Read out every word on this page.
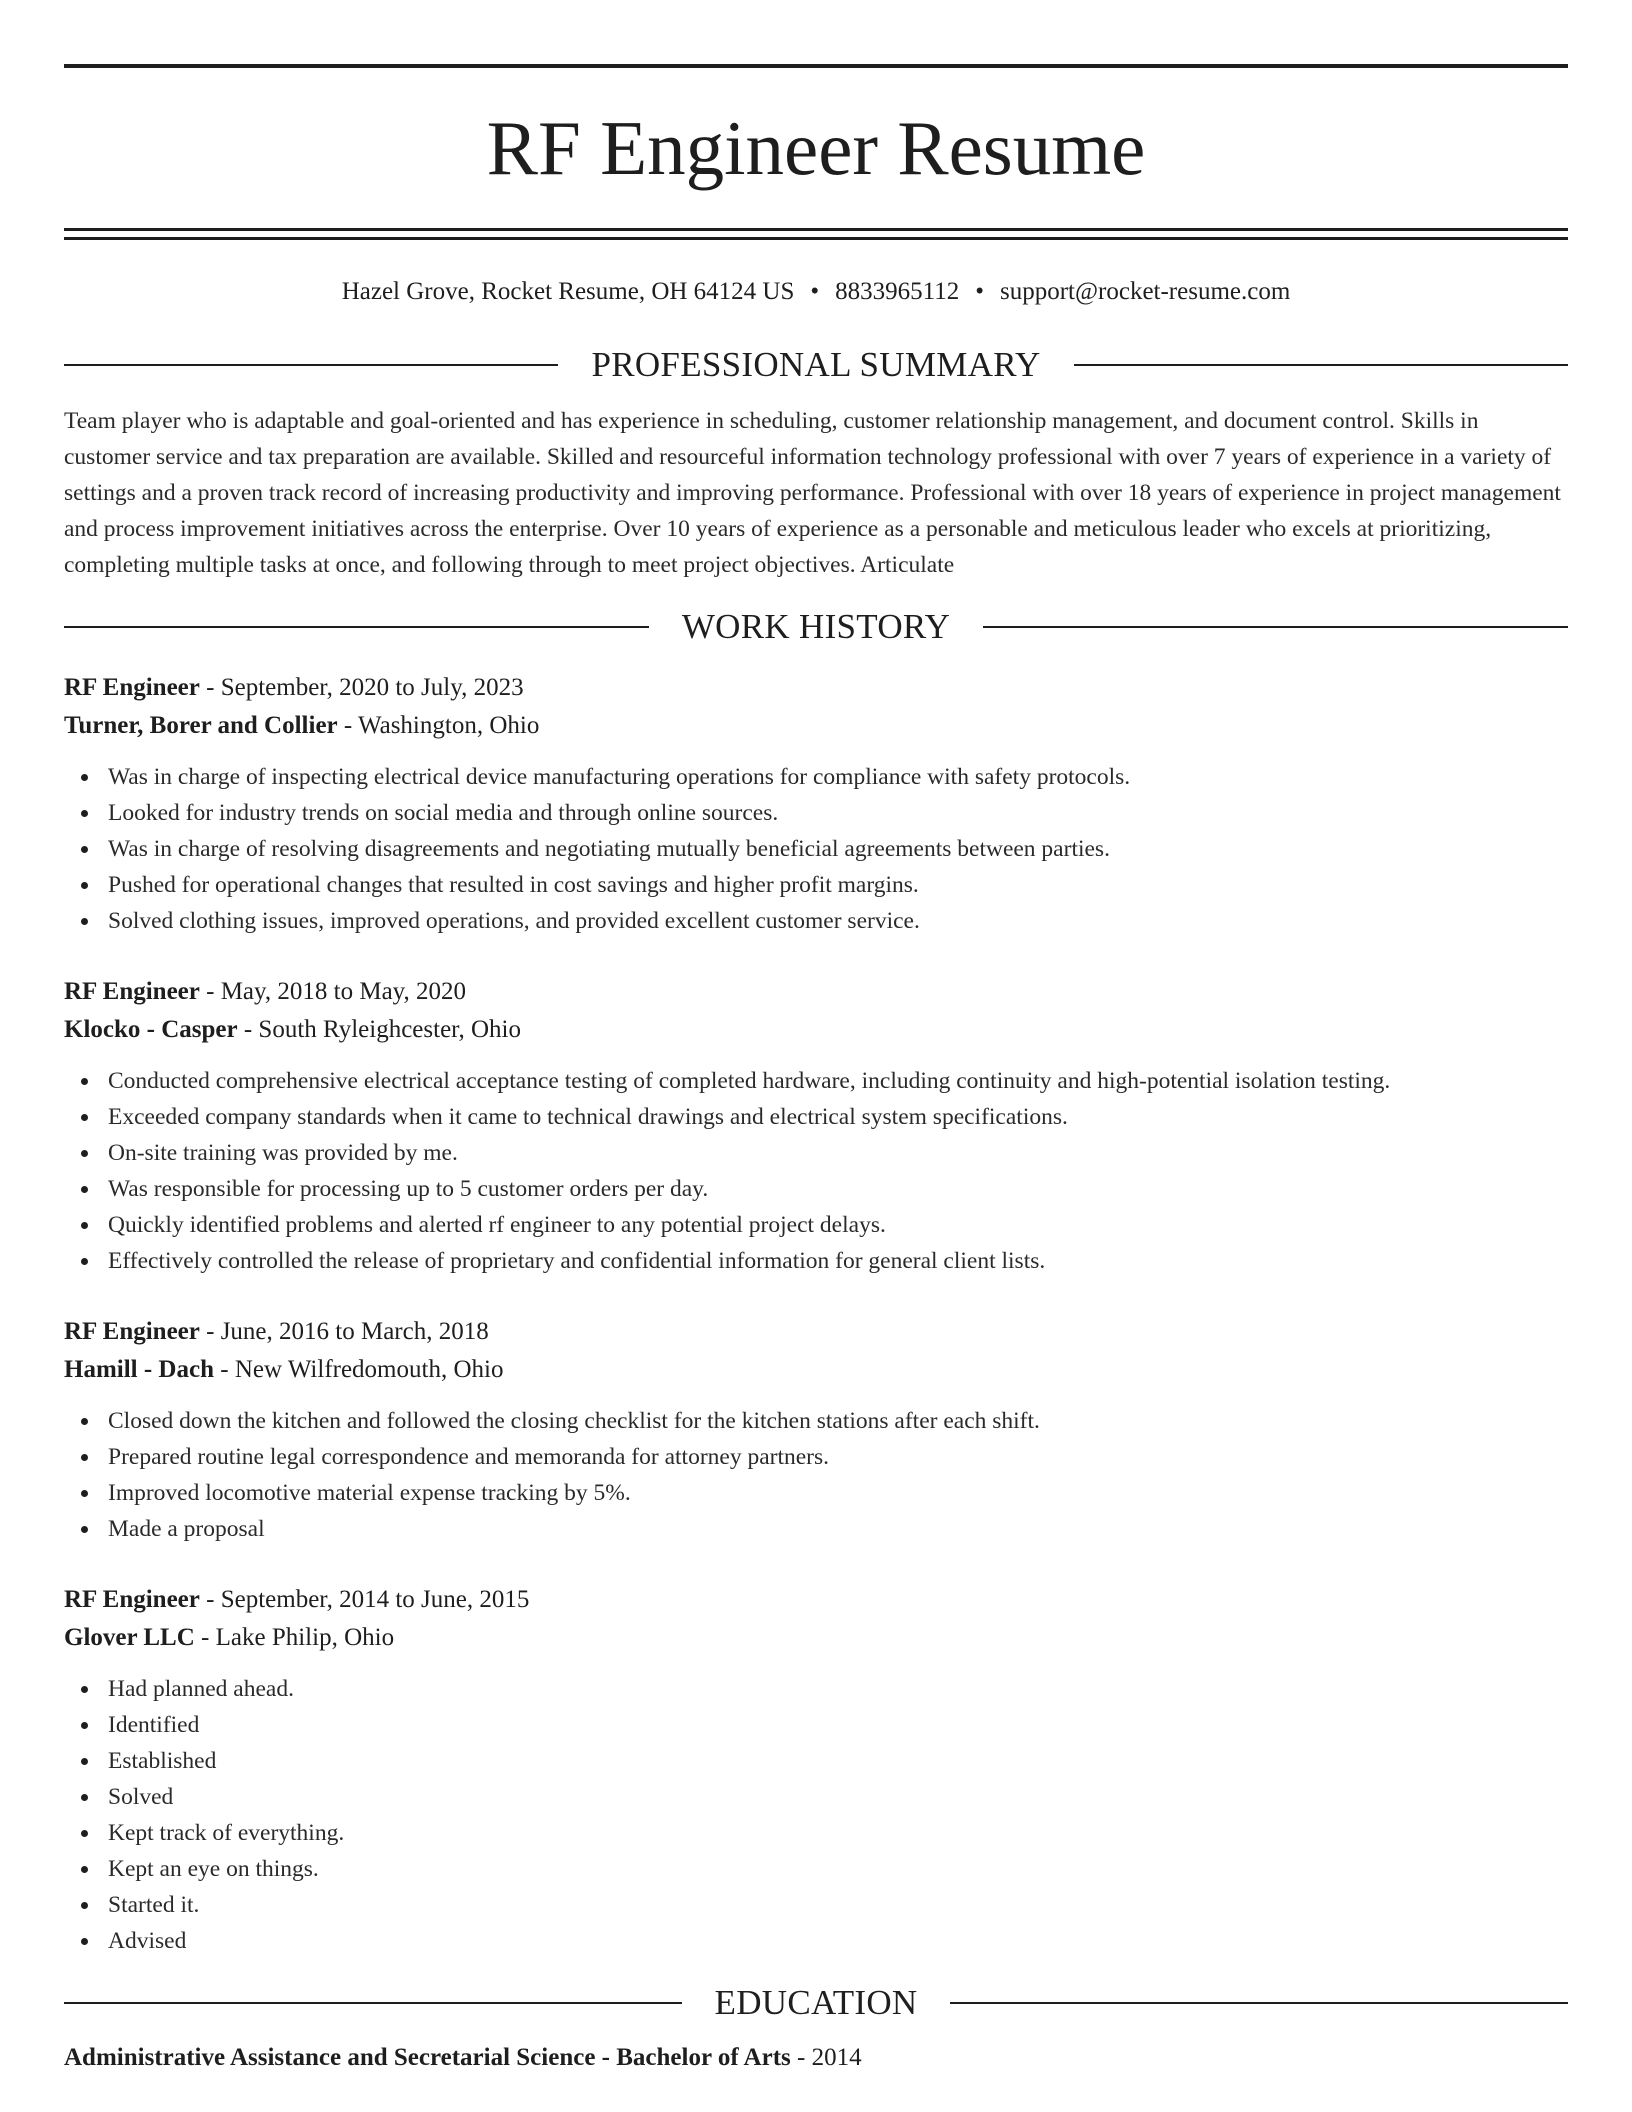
RF Engineer Resume
Hazel Grove, Rocket Resume, OH 64124 US • 8833965112 • support@rocket-resume.com
PROFESSIONAL SUMMARY

Team player who is adaptable and goal-oriented and has experience in scheduling, customer relationship management, and document control. Skills in customer service and tax preparation are available. Skilled and resourceful information technology professional with over 7 years of experience in a variety of settings and a proven track record of increasing productivity and improving performance. Professional with over 18 years of experience in project management and process improvement initiatives across the enterprise. Over 10 years of experience as a personable and meticulous leader who excels at prioritizing, completing multiple tasks at once, and following through to meet project objectives. Articulate

WORK HISTORY
RF Engineer - September, 2020 to July, 2023
Turner, Borer and Collier - Washington, Ohio
Was in charge of inspecting electrical device manufacturing operations for compliance with safety protocols.
Looked for industry trends on social media and through online sources.
Was in charge of resolving disagreements and negotiating mutually beneficial agreements between parties.
Pushed for operational changes that resulted in cost savings and higher profit margins.
Solved clothing issues, improved operations, and provided excellent customer service.
RF Engineer - May, 2018 to May, 2020
Klocko - Casper - South Ryleighcester, Ohio
Conducted comprehensive electrical acceptance testing of completed hardware, including continuity and high-potential isolation testing.
Exceeded company standards when it came to technical drawings and electrical system specifications.
On-site training was provided by me.
Was responsible for processing up to 5 customer orders per day.
Quickly identified problems and alerted rf engineer to any potential project delays.
Effectively controlled the release of proprietary and confidential information for general client lists.
RF Engineer - June, 2016 to March, 2018
Hamill - Dach - New Wilfredomouth, Ohio
Closed down the kitchen and followed the closing checklist for the kitchen stations after each shift.
Prepared routine legal correspondence and memoranda for attorney partners.
Improved locomotive material expense tracking by 5%.
Made a proposal
RF Engineer - September, 2014 to June, 2015
Glover LLC - Lake Philip, Ohio
Had planned ahead.
Identified
Established
Solved
Kept track of everything.
Kept an eye on things.
Started it.
Advised
EDUCATION
Administrative Assistance and Secretarial Science - Bachelor of Arts - 2014
